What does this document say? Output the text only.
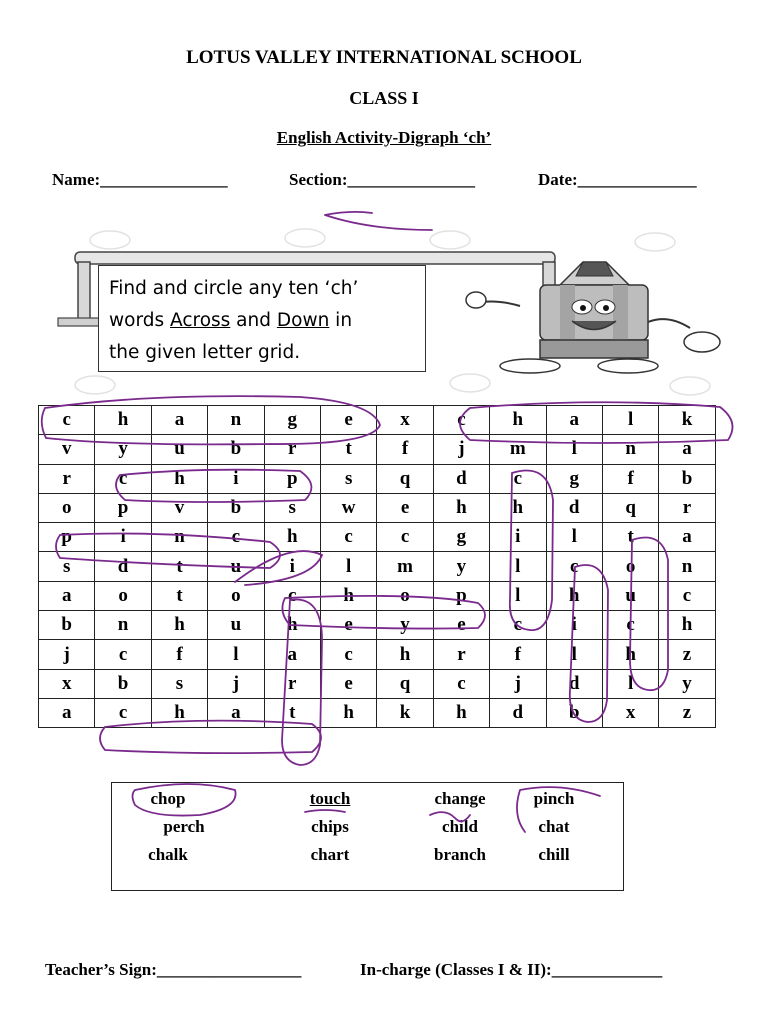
LOTUS VALLEY INTERNATIONAL SCHOOL
CLASS I
English Activity-Digraph ‘ch’
Name:_______________	Section:_______________	Date:______________
Find and circle any ten ‘ch’
words Across and Down in
the given letter grid.
c	h	a	n	g	e	x	c	h	a	l	k
v	y	u	b	r	t	f	j	m	l	n	a
r	c	h	i	p	s	q	d	c	g	f	b
o	p	v	b	s	w	e	h	h	d	q	r
p	i	n	c	h	c	c	g	i	l	t	a
s	d	t	u	i	l	m	y	l	c	o	n
a	o	t	o	c	h	o	p	l	h	u	c
b	n	h	u	h	e	y	e	c	i	c	h
j	c	f	l	a	c	h	r	f	l	h	z
x	b	s	j	r	e	q	c	j	d	l	y
a	c	h	a	t	h	k	h	d	b	x	z
chop	touch	change	pinch
perch	chips	child	chat
chalk	chart	branch	chill
Teacher’s Sign:_________________	In-charge (Classes I & II):_____________
